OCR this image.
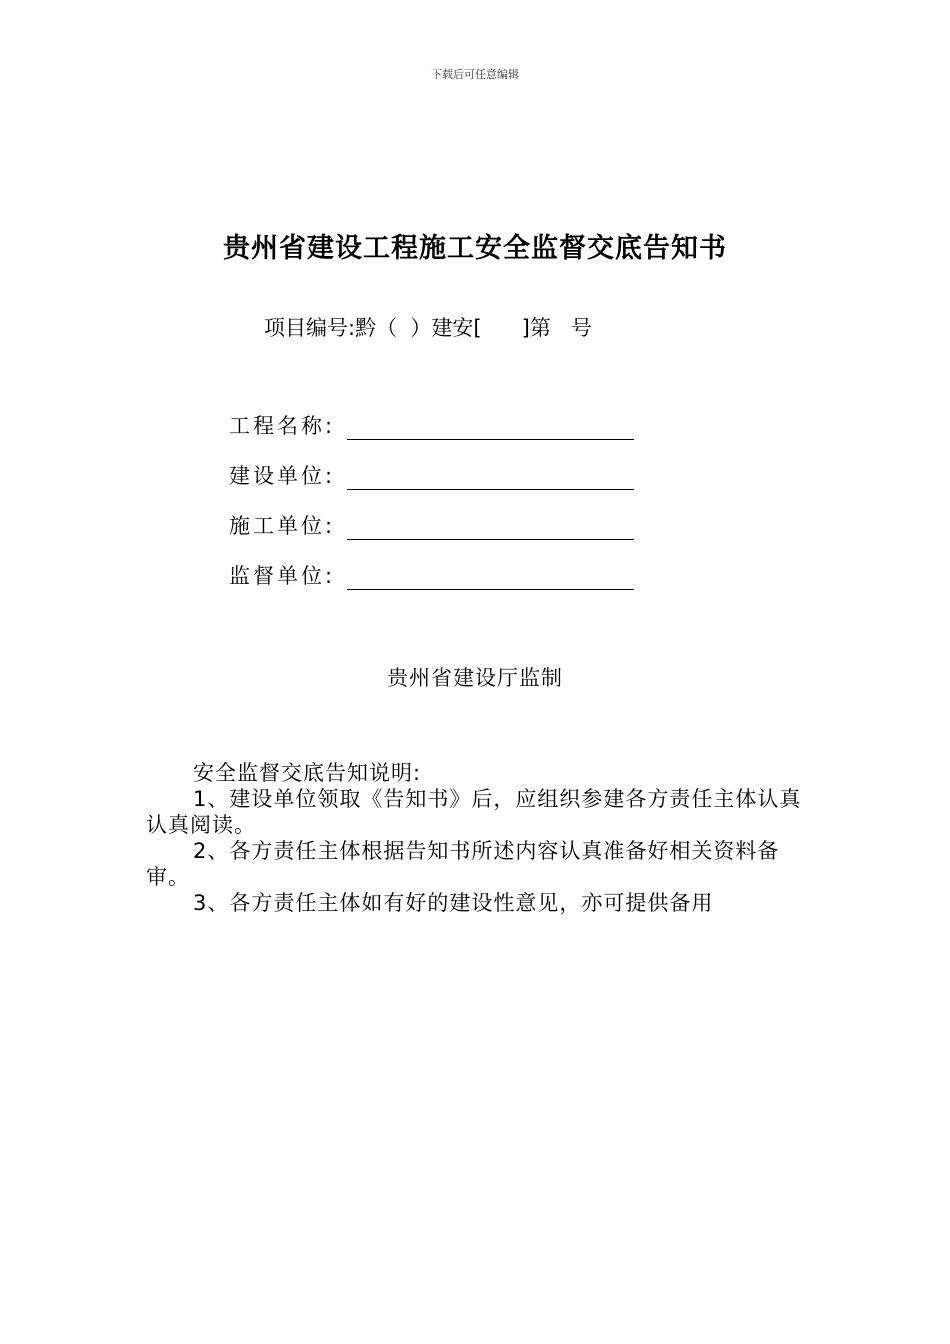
下载后可任意编辑
贵州省建设工程施工安全监督交底告知书
项目编号:黔（  ）建安[      ]第   号
工程名称:
建设单位:
施工单位:
监督单位:
贵州省建设厅监制

安全监督交底告知说明:

1、建设单位领取《告知书》后，应组织参建各方责任主体认真认真阅读。

2、各方责任主体根据告知书所述内容认真准备好相关资料备审。

3、各方责任主体如有好的建设性意见，亦可提供备用
